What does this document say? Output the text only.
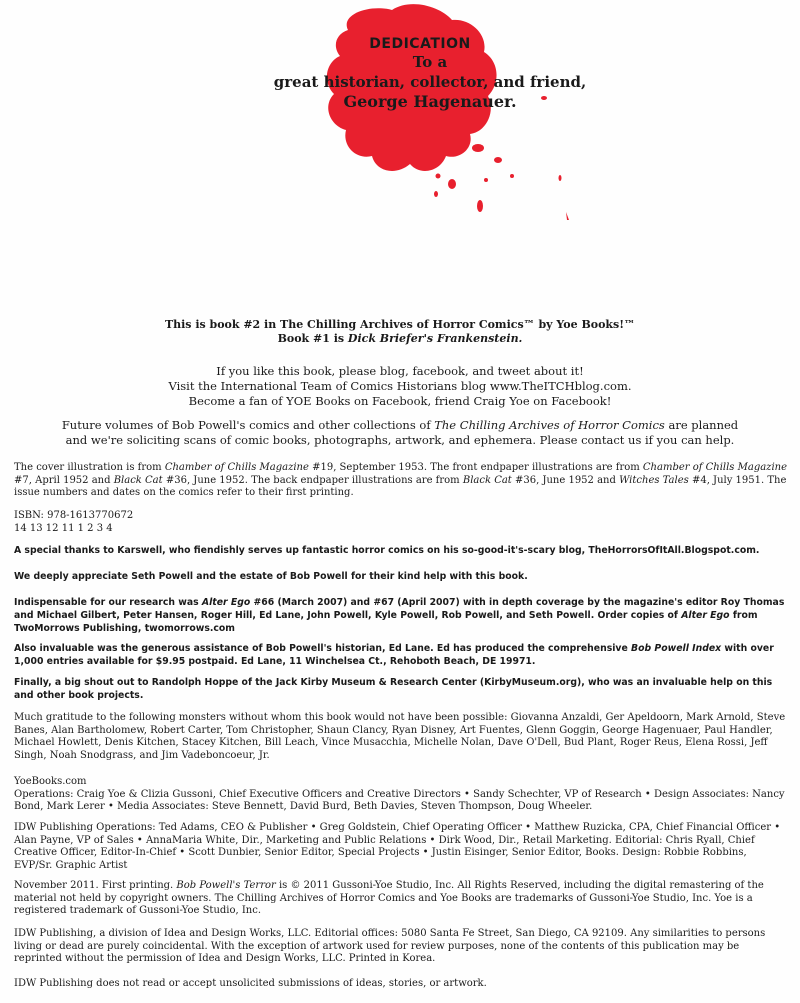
DEDICATION
To a
great historian, collector, and friend,
George Hagenauer.

This is book #2 in The Chilling Archives of Horror Comics™ by Yoe Books!™

Book #1 is Dick Briefer's Frankenstein.

If you like this book, please blog, facebook, and tweet about it!

Visit the International Team of Comics Historians blog www.TheITCHblog.com.

Become a fan of YOE Books on Facebook, friend Craig Yoe on Facebook!

Future volumes of Bob Powell's comics and other collections of The Chilling Archives of Horror Comics are planned and we're soliciting scans of comic books, photographs, artwork, and ephemera. Please contact us if you can help.

The cover illustration is from Chamber of Chills Magazine #19, September 1953. The front endpaper illustrations are from Chamber of Chills Magazine #7, April 1952 and Black Cat #36, June 1952. The back endpaper illustrations are from Black Cat #36, June 1952 and Witches Tales #4, July 1951. The issue numbers and dates on the comics refer to their first printing.

ISBN: 978-1613770672

14 13 12 11 1 2 3 4

A special thanks to Karswell, who fiendishly serves up fantastic horror comics on his so-good-it's-scary blog, TheHorrorsOfItAll.Blogspot.com.
We deeply appreciate Seth Powell and the estate of Bob Powell for their kind help with this book.
Indispensable for our research was Alter Ego #66 (March 2007) and #67 (April 2007) with in depth coverage by the magazine's editor Roy Thomas and Michael Gilbert, Peter Hansen, Roger Hill, Ed Lane, John Powell, Kyle Powell, Rob Powell, and Seth Powell. Order copies of Alter Ego from TwoMorrows Publishing, twomorrows.com
Also invaluable was the generous assistance of Bob Powell's historian, Ed Lane. Ed has produced the comprehensive Bob Powell Index with over 1,000 entries available for $9.95 postpaid. Ed Lane, 11 Winchelsea Ct., Rehoboth Beach, DE 19971.
Finally, a big shout out to Randolph Hoppe of the Jack Kirby Museum & Research Center (KirbyMuseum.org), who was an invaluable help on this and other book projects.
Much gratitude to the following monsters without whom this book would not have been possible: Giovanna Anzaldi, Ger Apeldoorn, Mark Arnold, Steve Banes, Alan Bartholomew, Robert Carter, Tom Christopher, Shaun Clancy, Ryan Disney, Art Fuentes, Glenn Goggin, George Hagenuaer, Paul Handler, Michael Howlett, Denis Kitchen, Stacey Kitchen, Bill Leach, Vince Musacchia, Michelle Nolan, Dave O'Dell, Bud Plant, Roger Reus, Elena Rossi, Jeff Singh, Noah Snodgrass, and Jim Vadeboncoeur, Jr.

YoeBooks.com

Operations: Craig Yoe & Clizia Gussoni, Chief Executive Officers and Creative Directors • Sandy Schechter, VP of Research • Design Associates: Nancy Bond, Mark Lerer • Media Associates: Steve Bennett, David Burd, Beth Davies, Steven Thompson, Doug Wheeler.

IDW Publishing Operations: Ted Adams, CEO & Publisher • Greg Goldstein, Chief Operating Officer • Matthew Ruzicka, CPA, Chief Financial Officer • Alan Payne, VP of Sales • AnnaMaria White, Dir., Marketing and Public Relations • Dirk Wood, Dir., Retail Marketing. Editorial: Chris Ryall, Chief Creative Officer, Editor-In-Chief • Scott Dunbier, Senior Editor, Special Projects • Justin Eisinger, Senior Editor, Books. Design: Robbie Robbins, EVP/Sr. Graphic Artist
November 2011. First printing. Bob Powell's Terror is © 2011 Gussoni-Yoe Studio, Inc. All Rights Reserved, including the digital remastering of the material not held by copyright owners. The Chilling Archives of Horror Comics and Yoe Books are trademarks of Gussoni-Yoe Studio, Inc. Yoe is a registered trademark of Gussoni-Yoe Studio, Inc.
IDW Publishing, a division of Idea and Design Works, LLC. Editorial offices: 5080 Santa Fe Street, San Diego, CA 92109. Any similarities to persons living or dead are purely coincidental. With the exception of artwork used for review purposes, none of the contents of this publication may be reprinted without the permission of Idea and Design Works, LLC. Printed in Korea.
IDW Publishing does not read or accept unsolicited submissions of ideas, stories, or artwork.
